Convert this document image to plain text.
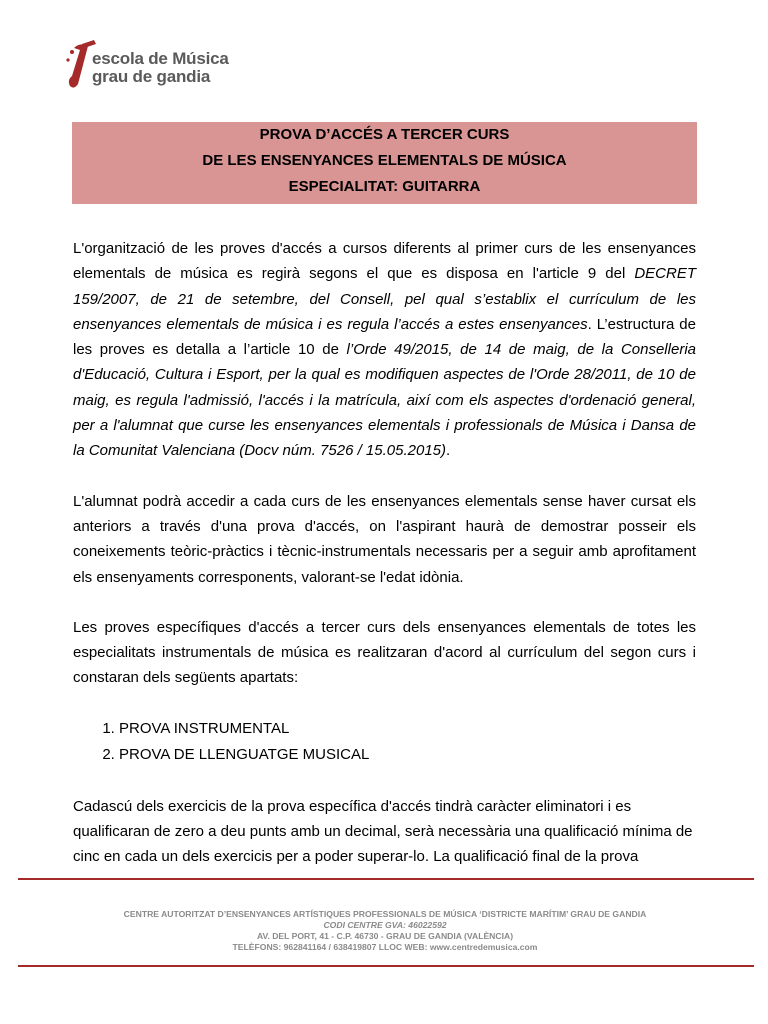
escola de Música
grau de gandia
PROVA D’ACCÉS A TERCER CURS
DE LES ENSENYANCES ELEMENTALS DE MÚSICA
ESPECIALITAT: GUITARRA

L'organització de les proves d'accés a cursos diferents al primer curs de les ensenyances elementals de música es regirà segons el que es disposa en l'article 9 del DECRET 159/2007, de 21 de setembre, del Consell, pel qual s’establix el currículum de les ensenyances elementals de música i es regula l’accés a estes ensenyances. L’estructura de les proves es detalla a l’article 10 de l’Orde 49/2015, de 14 de maig, de la Conselleria d'Educació, Cultura i Esport, per la qual es modifiquen aspectes de l'Orde 28/2011, de 10 de maig, es regula l'admissió, l'accés i la matrícula, així com els aspectes d'ordenació general, per a l'alumnat que curse les ensenyances elementals i professionals de Música i Dansa de la Comunitat Valenciana (Docv núm. 7526 / 15.05.2015).

L'alumnat podrà accedir a cada curs de les ensenyances elementals sense haver cursat els anteriors a través d'una prova d'accés, on l'aspirant haurà de demostrar posseir els coneixements teòric-pràctics i tècnic-instrumentals necessaris per a seguir amb aprofitament els ensenyaments corresponents, valorant-se l'edat idònia.

Les proves específiques d'accés a tercer curs dels ensenyances elementals de totes les especialitats instrumentals de música es realitzaran d'acord al currículum del segon curs i constaran dels següents apartats:

1. PROVA INSTRUMENTAL
2. PROVA DE LLENGUATGE MUSICAL

Cadascú dels exercicis de la prova específica d'accés tindrà caràcter eliminatori i es qualificaran de zero a deu punts amb un decimal, serà necessària una qualificació mínima de cinc en cada un dels exercicis per a poder superar-lo. La qualificació final de la prova

CENTRE AUTORITZAT D’ENSENYANCES ARTÍSTIQUES PROFESSIONALS DE MÚSICA ‘DISTRICTE MARÍTIM’ GRAU DE GANDIA
CODI CENTRE GVA: 46022592
AV. DEL PORT, 41 - C.P. 46730 - GRAU DE GANDIA (VALÈNCIA)
TELÈFONS: 962841164 / 638419807 LLOC WEB: www.centredemusica.com
